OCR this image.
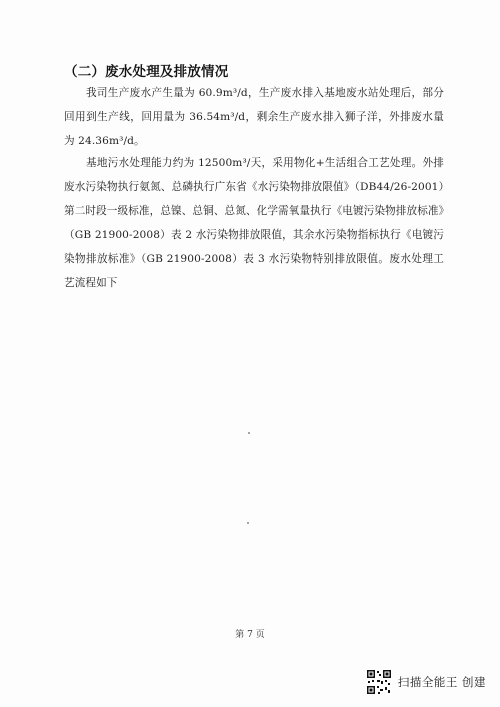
（二）废水处理及排放情况
我司生产废水产生量为 60.9m³/d，生产废水排入基地废水站处理后，部分回用到生产线，回用量为 36.54m³/d，剩余生产废水排入狮子洋，外排废水量为 24.36m³/d。
基地污水处理能力约为 12500m³/天，采用物化+生活组合工艺处理。外排废水污染物执行氨氮、总磷执行广东省《水污染物排放限值》（DB44/26-2001）第二时段一级标准，总镍、总铜、总氮、化学需氧量执行《电镀污染物排放标准》（GB 21900-2008）表 2 水污染物排放限值，其余水污染物指标执行《电镀污染物排放标准》（GB 21900-2008）表 3 水污染物特别排放限值。废水处理工艺流程如下
第 7 页
扫描全能王 创建
